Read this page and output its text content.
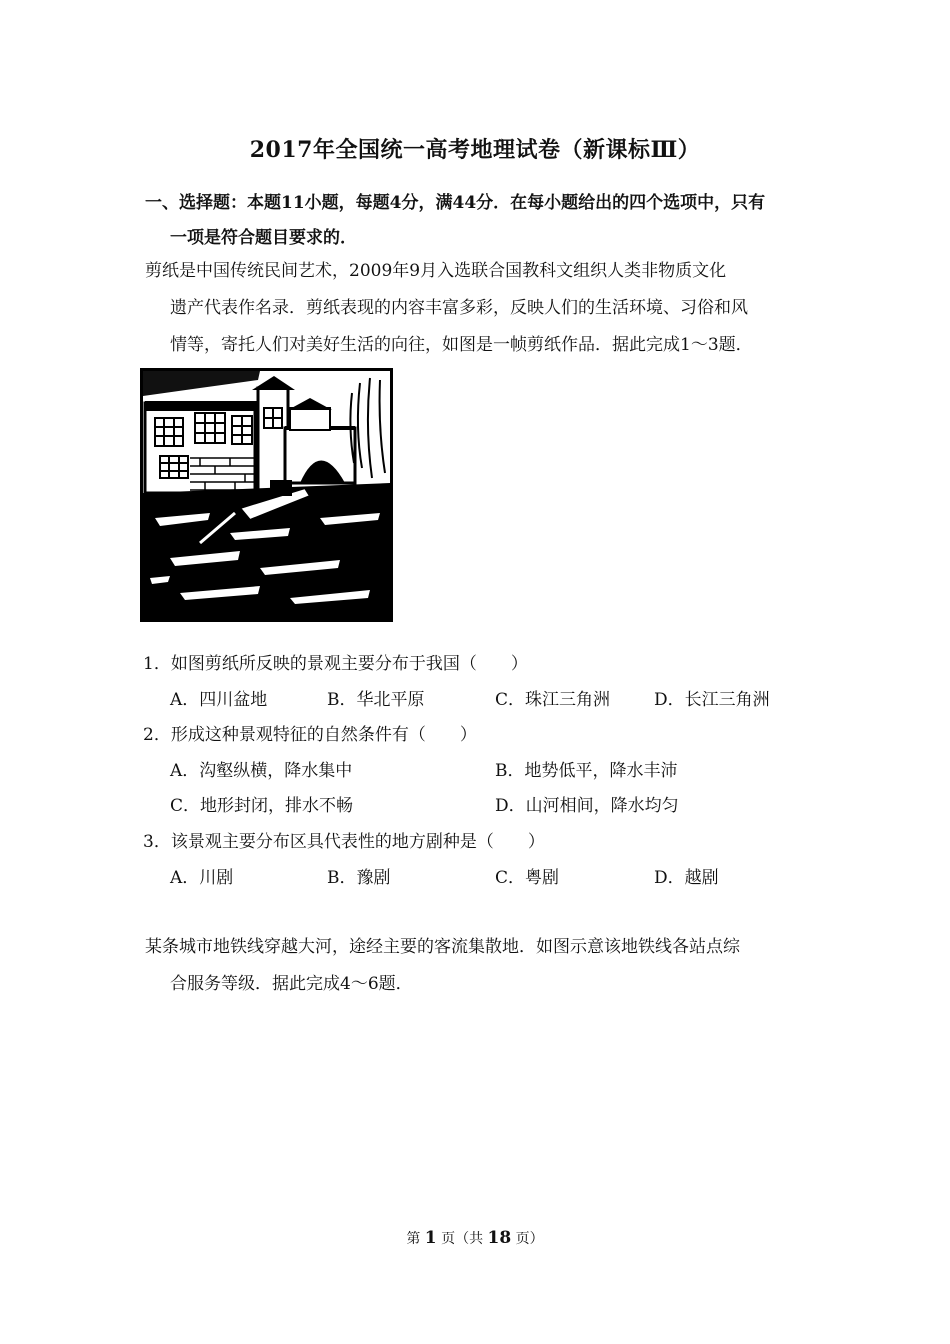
2017年全国统一高考地理试卷（新课标Ⅲ）
一、选择题：本题11小题，每题4分，满44分．在每小题给出的四个选项中，只有
一项是符合题目要求的．
剪纸是中国传统民间艺术，2009年9月入选联合国教科文组织人类非物质文化
遗产代表作名录．剪纸表现的内容丰富多彩，反映人们的生活环境、习俗和风
情等，寄托人们对美好生活的向往，如图是一帧剪纸作品．据此完成1～3题．
1．如图剪纸所反映的景观主要分布于我国（　　）
A．四川盆地	B．华北平原	C．珠江三角洲	D．长江三角洲
2．形成这种景观特征的自然条件有（　　）
A．沟壑纵横，降水集中	B．地势低平，降水丰沛
C．地形封闭，排水不畅	D．山河相间，降水均匀
3．该景观主要分布区具代表性的地方剧种是（　　）
A．川剧	B．豫剧	C．粤剧	D．越剧
某条城市地铁线穿越大河，途经主要的客流集散地．如图示意该地铁线各站点综
合服务等级．据此完成4～6题．
第 1 页（共 18 页）
